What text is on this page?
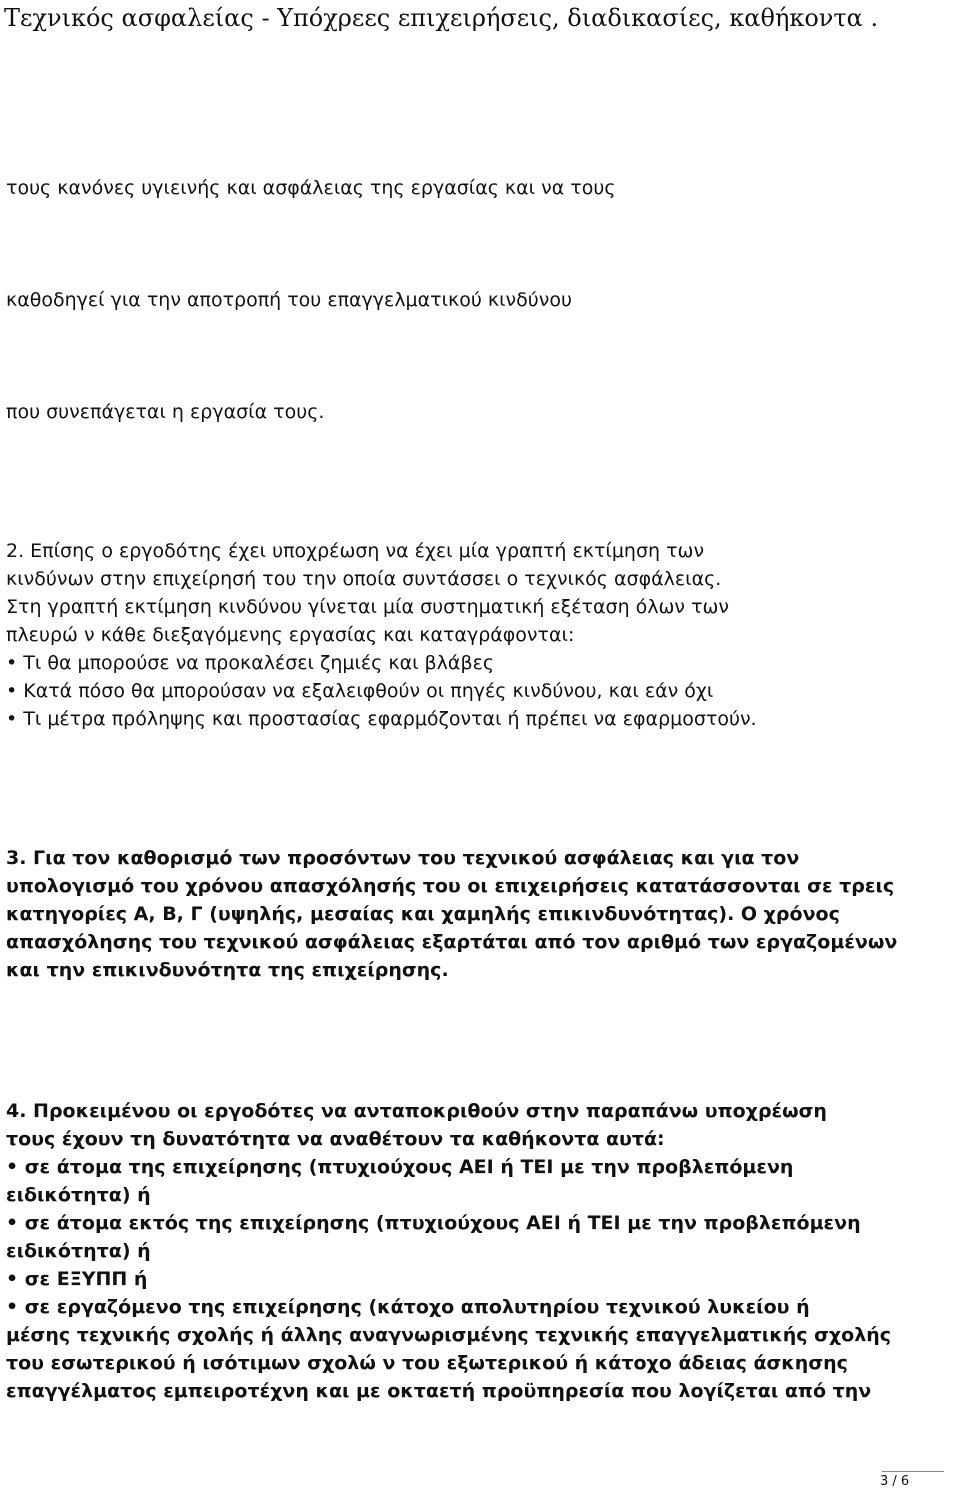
Τεχνικός ασφαλείας - Υπόχρεες επιχειρήσεις, διαδικασίες, καθήκοντα .
τους κανόνες υγιεινής και ασφάλειας της εργασίας και να τους
καθοδηγεί για την αποτροπή του επαγγελματικού κινδύνου
που συνεπάγεται η εργασία τους.
2. Επίσης ο εργοδότης έχει υποχρέωση να έχει μία γραπτή εκτίμηση των
κινδύνων στην επιχείρησή του την οποία συντάσσει ο τεχνικός ασφάλειας.
Στη γραπτή εκτίμηση κινδύνου γίνεται μία συστηματική εξέταση όλων των
πλευρώ ν κάθε διεξαγόμενης εργασίας και καταγράφονται:
• Τι θα μπορούσε να προκαλέσει ζημιές και βλάβες
• Κατά πόσο θα μπορούσαν να εξαλειφθούν οι πηγές κινδύνου, και εάν όχι
• Τι μέτρα πρόληψης και προστασίας εφαρμόζονται ή πρέπει να εφαρμοστούν.
3. Για τον καθορισμό των προσόντων του τεχνικού ασφάλειας και για τον
υπολογισμό του χρόνου απασχόλησής του οι επιχειρήσεις κατατάσσονται σε τρεις
κατηγορίες Α, Β, Γ (υψηλής, μεσαίας και χαμηλής επικινδυνότητας). Ο χρόνος
απασχόλησης του τεχνικού ασφάλειας εξαρτάται από τον αριθμό των εργαζομένων
και την επικινδυνότητα της επιχείρησης.
4. Προκειμένου οι εργοδότες να ανταποκριθούν στην παραπάνω υποχρέωση
τους έχουν τη δυνατότητα να αναθέτουν τα καθήκοντα αυτά:
• σε άτομα της επιχείρησης (πτυχιούχους ΑΕΙ ή ΤΕΙ με την προβλεπόμενη
ειδικότητα) ή
• σε άτομα εκτός της επιχείρησης (πτυχιούχους ΑΕΙ ή ΤΕΙ με την προβλεπόμενη
ειδικότητα) ή
• σε ΕΞΥΠΠ ή
• σε εργαζόμενο της επιχείρησης (κάτοχο απολυτηρίου τεχνικού λυκείου ή
μέσης τεχνικής σχολής ή άλλης αναγνωρισμένης τεχνικής επαγγελματικής σχολής
του εσωτερικού ή ισότιμων σχολώ ν του εξωτερικού ή κάτοχο άδειας άσκησης
επαγγέλματος εμπειροτέχνη και με οκταετή προϋπηρεσία που λογίζεται από την
3 / 6
